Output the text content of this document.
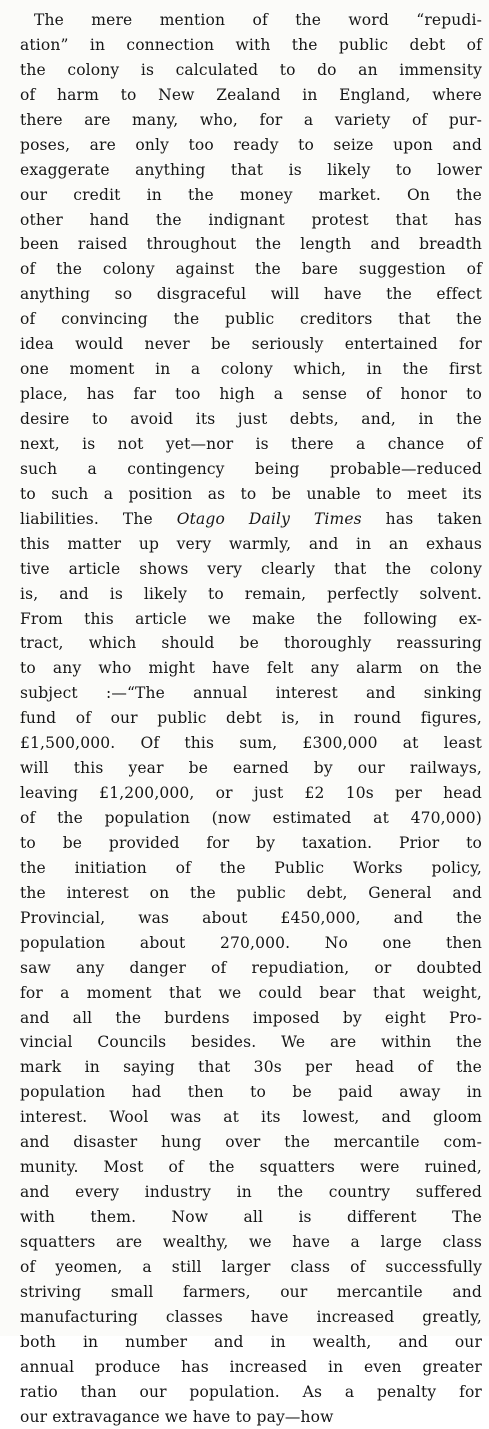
The mere mention of the word “repudi-
ation” in connection with the public debt of
the colony is calculated to do an immensity
of harm to New Zealand in England, where
there are many, who, for a variety of pur-
poses, are only too ready to seize upon and
exaggerate anything that is likely to lower
our credit in the money market. On the
other hand the indignant protest that has
been raised throughout the length and breadth
of the colony against the bare suggestion of
anything so disgraceful will have the effect
of convincing the public creditors that the
idea would never be seriously entertained for
one moment in a colony which, in the first
place, has far too high a sense of honor to
desire to avoid its just debts, and, in the
next, is not yet—nor is there a chance of
such a contingency being probable—reduced
to such a position as to be unable to meet its
liabilities. The Otago Daily Times has taken
this matter up very warmly, and in an exhaus
tive article shows very clearly that the colony
is, and is likely to remain, perfectly solvent.
From this article we make the following ex-
tract, which should be thoroughly reassuring
to any who might have felt any alarm on the
subject :—“The annual interest and sinking
fund of our public debt is, in round figures,
£1,500,000. Of this sum, £300,000 at least
will this year be earned by our railways,
leaving £1,200,000, or just £2 10s per head
of the population (now estimated at 470,000)
to be provided for by taxation. Prior to
the initiation of the Public Works policy,
the interest on the public debt, General and
Provincial, was about £450,000, and the
population about 270,000. No one then
saw any danger of repudiation, or doubted
for a moment that we could bear that weight,
and all the burdens imposed by eight Pro-
vincial Councils besides. We are within the
mark in saying that 30s per head of the
population had then to be paid away in
interest. Wool was at its lowest, and gloom
and disaster hung over the mercantile com-
munity. Most of the squatters were ruined,
and every industry in the country suffered
with them. Now all is different The
squatters are wealthy, we have a large class
of yeomen, a still larger class of successfully
striving small farmers, our mercantile and
manufacturing classes have increased greatly,
both in number and in wealth, and our
annual produce has increased in even greater
ratio than our population. As a penalty for
our extravagance we have to pay—how
